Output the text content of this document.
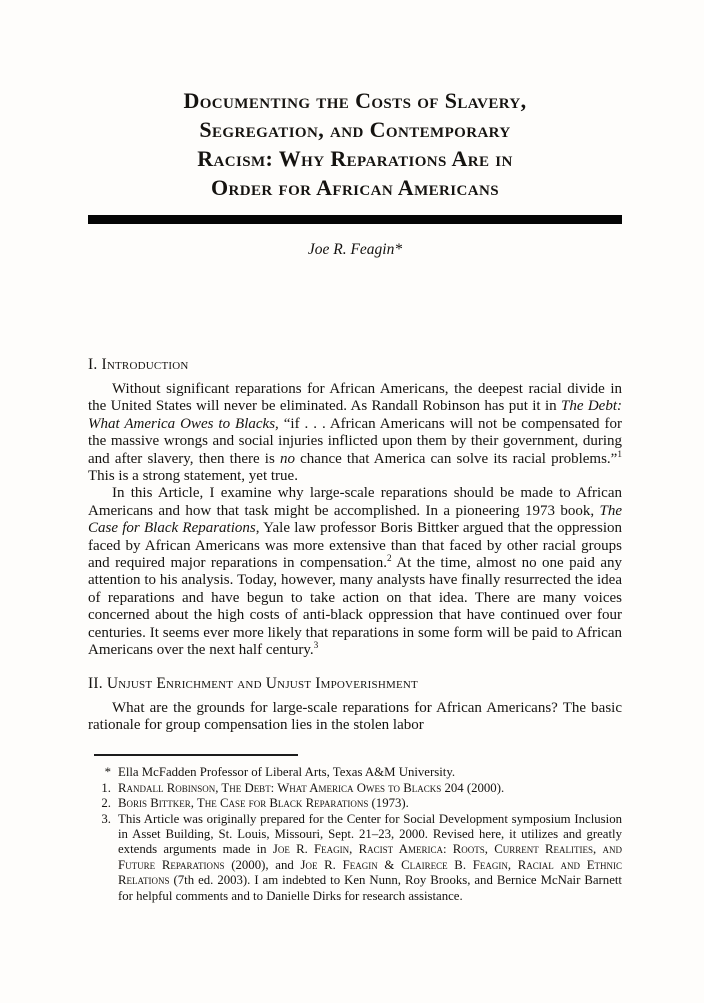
Documenting the Costs of Slavery,
Segregation, and Contemporary
Racism: Why Reparations Are in
Order for African Americans
Joe R. Feagin*
I. Introduction

Without significant reparations for African Americans, the deepest racial divide in the United States will never be eliminated. As Randall Robinson has put it in The Debt: What America Owes to Blacks, “if . . . African Americans will not be compensated for the massive wrongs and social injuries inflicted upon them by their government, during and after slavery, then there is no chance that America can solve its racial problems.”$^1$ This is a strong statement, yet true.

In this Article, I examine why large-scale reparations should be made to African Americans and how that task might be accomplished. In a pioneering 1973 book, The Case for Black Reparations, Yale law professor Boris Bittker argued that the oppression faced by African Americans was more extensive than that faced by other racial groups and required major reparations in compensation.$^2$ At the time, almost no one paid any attention to his analysis. Today, however, many analysts have finally resurrected the idea of reparations and have begun to take action on that idea. There are many voices concerned about the high costs of anti-black oppression that have continued over four centuries. It seems ever more likely that reparations in some form will be paid to African Americans over the next half century.$^3$

II. Unjust Enrichment and Unjust Impoverishment

What are the grounds for large-scale reparations for African Americans? The basic rationale for group compensation lies in the stolen labor

* Ella McFadden Professor of Liberal Arts, Texas A&M University.
1. Randall Robinson, The Debt: What America Owes to Blacks 204 (2000).
2. Boris Bittker, The Case for Black Reparations (1973).
3. This Article was originally prepared for the Center for Social Development symposium Inclusion in Asset Building, St. Louis, Missouri, Sept. 21–23, 2000. Revised here, it utilizes and greatly extends arguments made in Joe R. Feagin, Racist America: Roots, Current Realities, and Future Reparations (2000), and Joe R. Feagin & Clairece B. Feagin, Racial and Ethnic Relations (7th ed. 2003). I am indebted to Ken Nunn, Roy Brooks, and Bernice McNair Barnett for helpful comments and to Danielle Dirks for research assistance.
